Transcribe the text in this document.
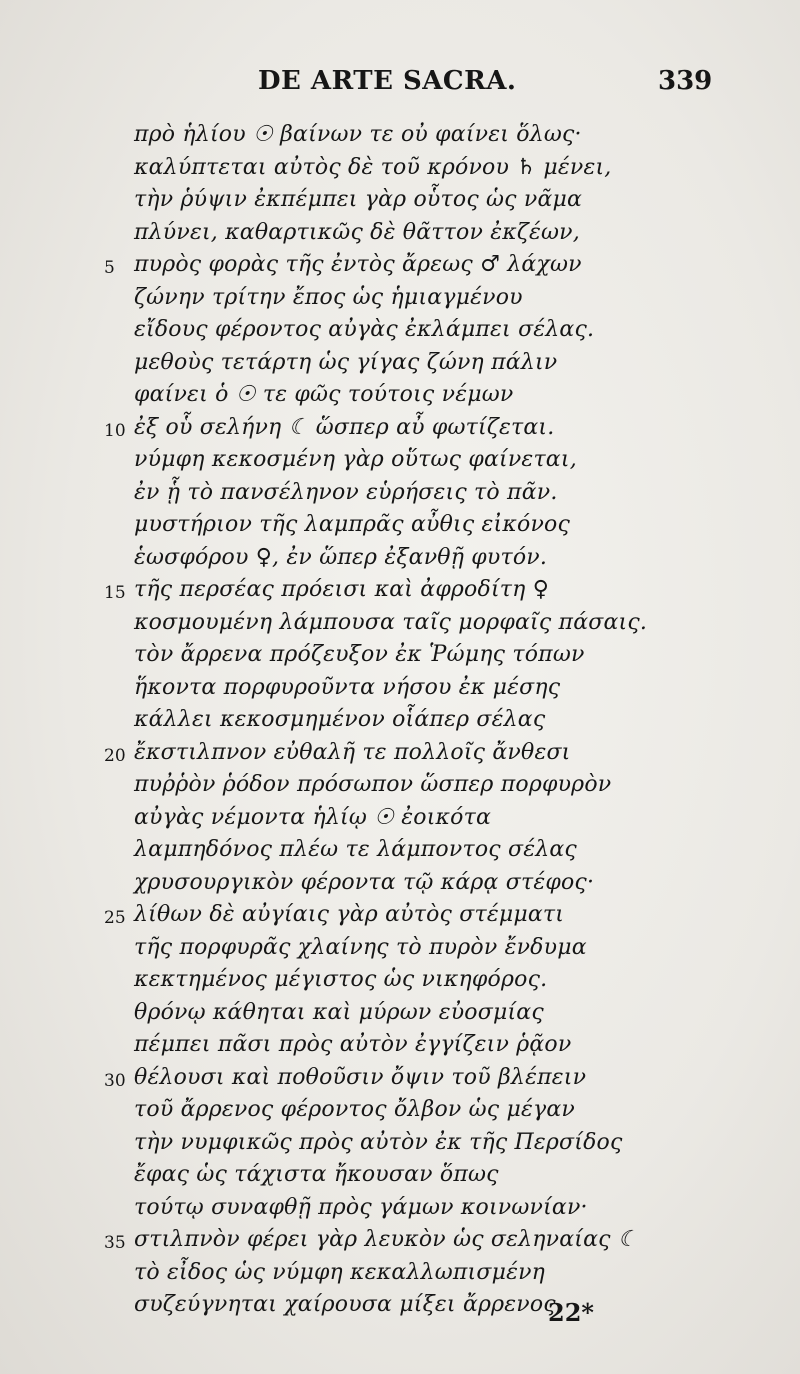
DE ARTE SACRA.	339
πρὸ ἡλίου ☉ βαίνων τε οὐ φαίνει ὅλως·
καλύπτεται αὐτὸς δὲ τοῦ κρόνου ♄ μένει,
τὴν ῥύψιν ἐκπέμπει γὰρ οὗτος ὡς νᾶμα
πλύνει, καθαρτικῶς δὲ θᾶττον ἐκζέων,
5 πυρὸς φορὰς τῆς ἐντὸς ἄρεως ♂ λάχων
ζώνην τρίτην ἔπος ὡς ἡμιαγμένου
εἴδους φέροντος αὐγὰς ἐκλάμπει σέλας.
μεθοὺς τετάρτη ὡς γίγας ζώνη πάλιν
φαίνει ὁ ☉ τε φῶς τούτοις νέμων
10 ἐξ οὗ σελήνη ☾ ὥσπερ αὖ φωτίζεται.
νύμφη κεκοσμένη γὰρ οὕτως φαίνεται,
ἐν ᾗ τὸ πανσέληνον εὑρήσεις τὸ πᾶν.
μυστήριον τῆς λαμπρᾶς αὖθις εἰκόνος
ἑωσφόρου ♀, ἐν ὥπερ ἐξανθῇ φυτόν.
15 τῆς περσέας πρόεισι καὶ ἀφροδίτη ♀
κοσμουμένη λάμπουσα ταῖς μορφαῖς πάσαις.
τὸν ἄρρενα πρόζευξον ἐκ Ῥώμης τόπων
ἥκοντα πορφυροῦντα νήσου ἐκ μέσης
κάλλει κεκοσμημένον οἷάπερ σέλας
20 ἔκστιλπνον εὐθαλῆ τε πολλοῖς ἄνθεσι
πυῤῥὸν ῥόδον πρόσωπον ὥσπερ πορφυρὸν
αὐγὰς νέμοντα ἡλίῳ ☉ ἐοικότα
λαμπηδόνος πλέω τε λάμποντος σέλας
χρυσουργικὸν φέροντα τῷ κάρᾳ στέφος·
25 λίθων δὲ αὐγίαις γὰρ αὐτὸς στέμματι
τῆς πορφυρᾶς χλαίνης τὸ πυρὸν ἔνδυμα
κεκτημένος μέγιστος ὡς νικηφόρος.
θρόνῳ κάθηται καὶ μύρων εὐοσμίας
πέμπει πᾶσι πρὸς αὐτὸν ἐγγίζειν ῥᾷον
30 θέλουσι καὶ ποθοῦσιν ὄψιν τοῦ βλέπειν
τοῦ ἄρρενος φέροντος ὄλβον ὡς μέγαν
τὴν νυμφικῶς πρὸς αὐτὸν ἐκ τῆς Περσίδος
ἔφας ὡς τάχιστα ἤκουσαν ὅπως
τούτῳ συναφθῇ πρὸς γάμων κοινωνίαν·
35 στιλπνὸν φέρει γὰρ λευκὸν ὡς σεληναίας ☾
τὸ εἶδος ὡς νύμφη κεκαλλωπισμένη
συζεύγνηται χαίρουσα μίξει ἄρρενος
22*
